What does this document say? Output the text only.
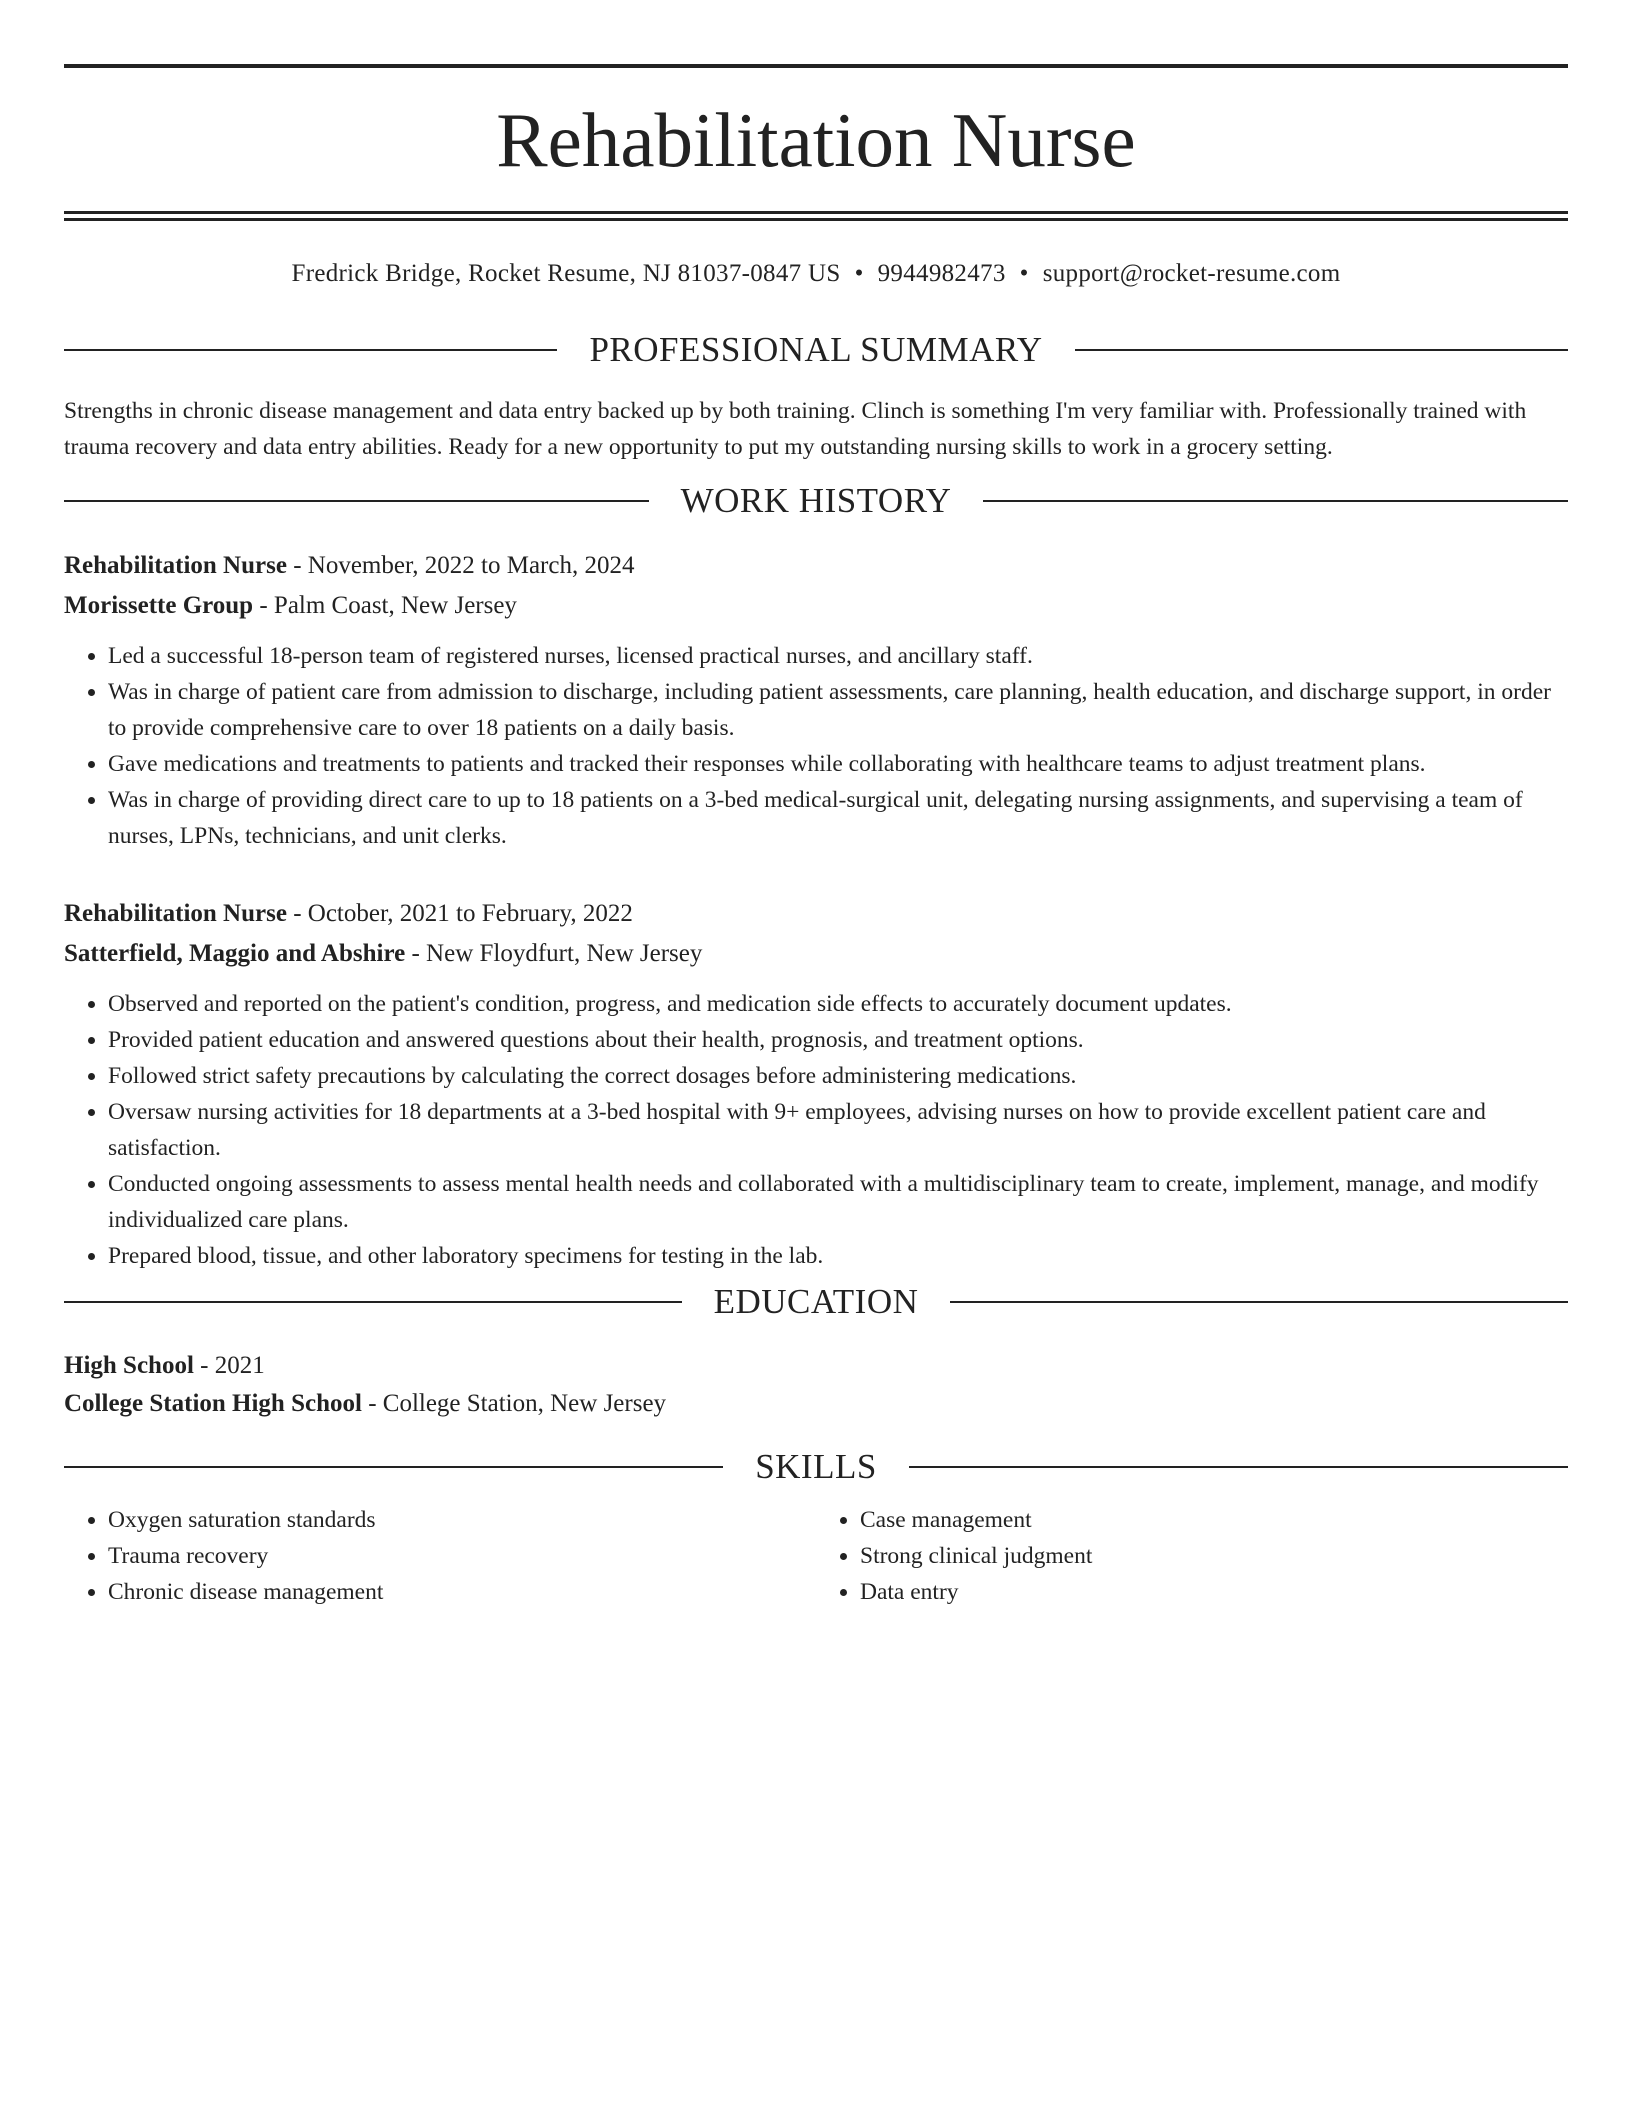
Rehabilitation Nurse
Fredrick Bridge, Rocket Resume, NJ 81037-0847 US • 9944982473 • support@rocket-resume.com
PROFESSIONAL SUMMARY

Strengths in chronic disease management and data entry backed up by both training. Clinch is something I'm very familiar with. Professionally trained with trauma recovery and data entry abilities. Ready for a new opportunity to put my outstanding nursing skills to work in a grocery setting.

WORK HISTORY
Rehabilitation Nurse - November, 2022 to March, 2024
Morissette Group - Palm Coast, New Jersey
• Led a successful 18-person team of registered nurses, licensed practical nurses, and ancillary staff.
• Was in charge of patient care from admission to discharge, including patient assessments, care planning, health education, and discharge support, in order to provide comprehensive care to over 18 patients on a daily basis.
• Gave medications and treatments to patients and tracked their responses while collaborating with healthcare teams to adjust treatment plans.
• Was in charge of providing direct care to up to 18 patients on a 3-bed medical-surgical unit, delegating nursing assignments, and supervising a team of nurses, LPNs, technicians, and unit clerks.
Rehabilitation Nurse - October, 2021 to February, 2022
Satterfield, Maggio and Abshire - New Floydfurt, New Jersey
• Observed and reported on the patient's condition, progress, and medication side effects to accurately document updates.
• Provided patient education and answered questions about their health, prognosis, and treatment options.
• Followed strict safety precautions by calculating the correct dosages before administering medications.
• Oversaw nursing activities for 18 departments at a 3-bed hospital with 9+ employees, advising nurses on how to provide excellent patient care and satisfaction.
• Conducted ongoing assessments to assess mental health needs and collaborated with a multidisciplinary team to create, implement, manage, and modify individualized care plans.
• Prepared blood, tissue, and other laboratory specimens for testing in the lab.
EDUCATION
High School - 2021
College Station High School - College Station, New Jersey
SKILLS
• Oxygen saturation standards
• Trauma recovery
• Chronic disease management
• Case management
• Strong clinical judgment
• Data entry
